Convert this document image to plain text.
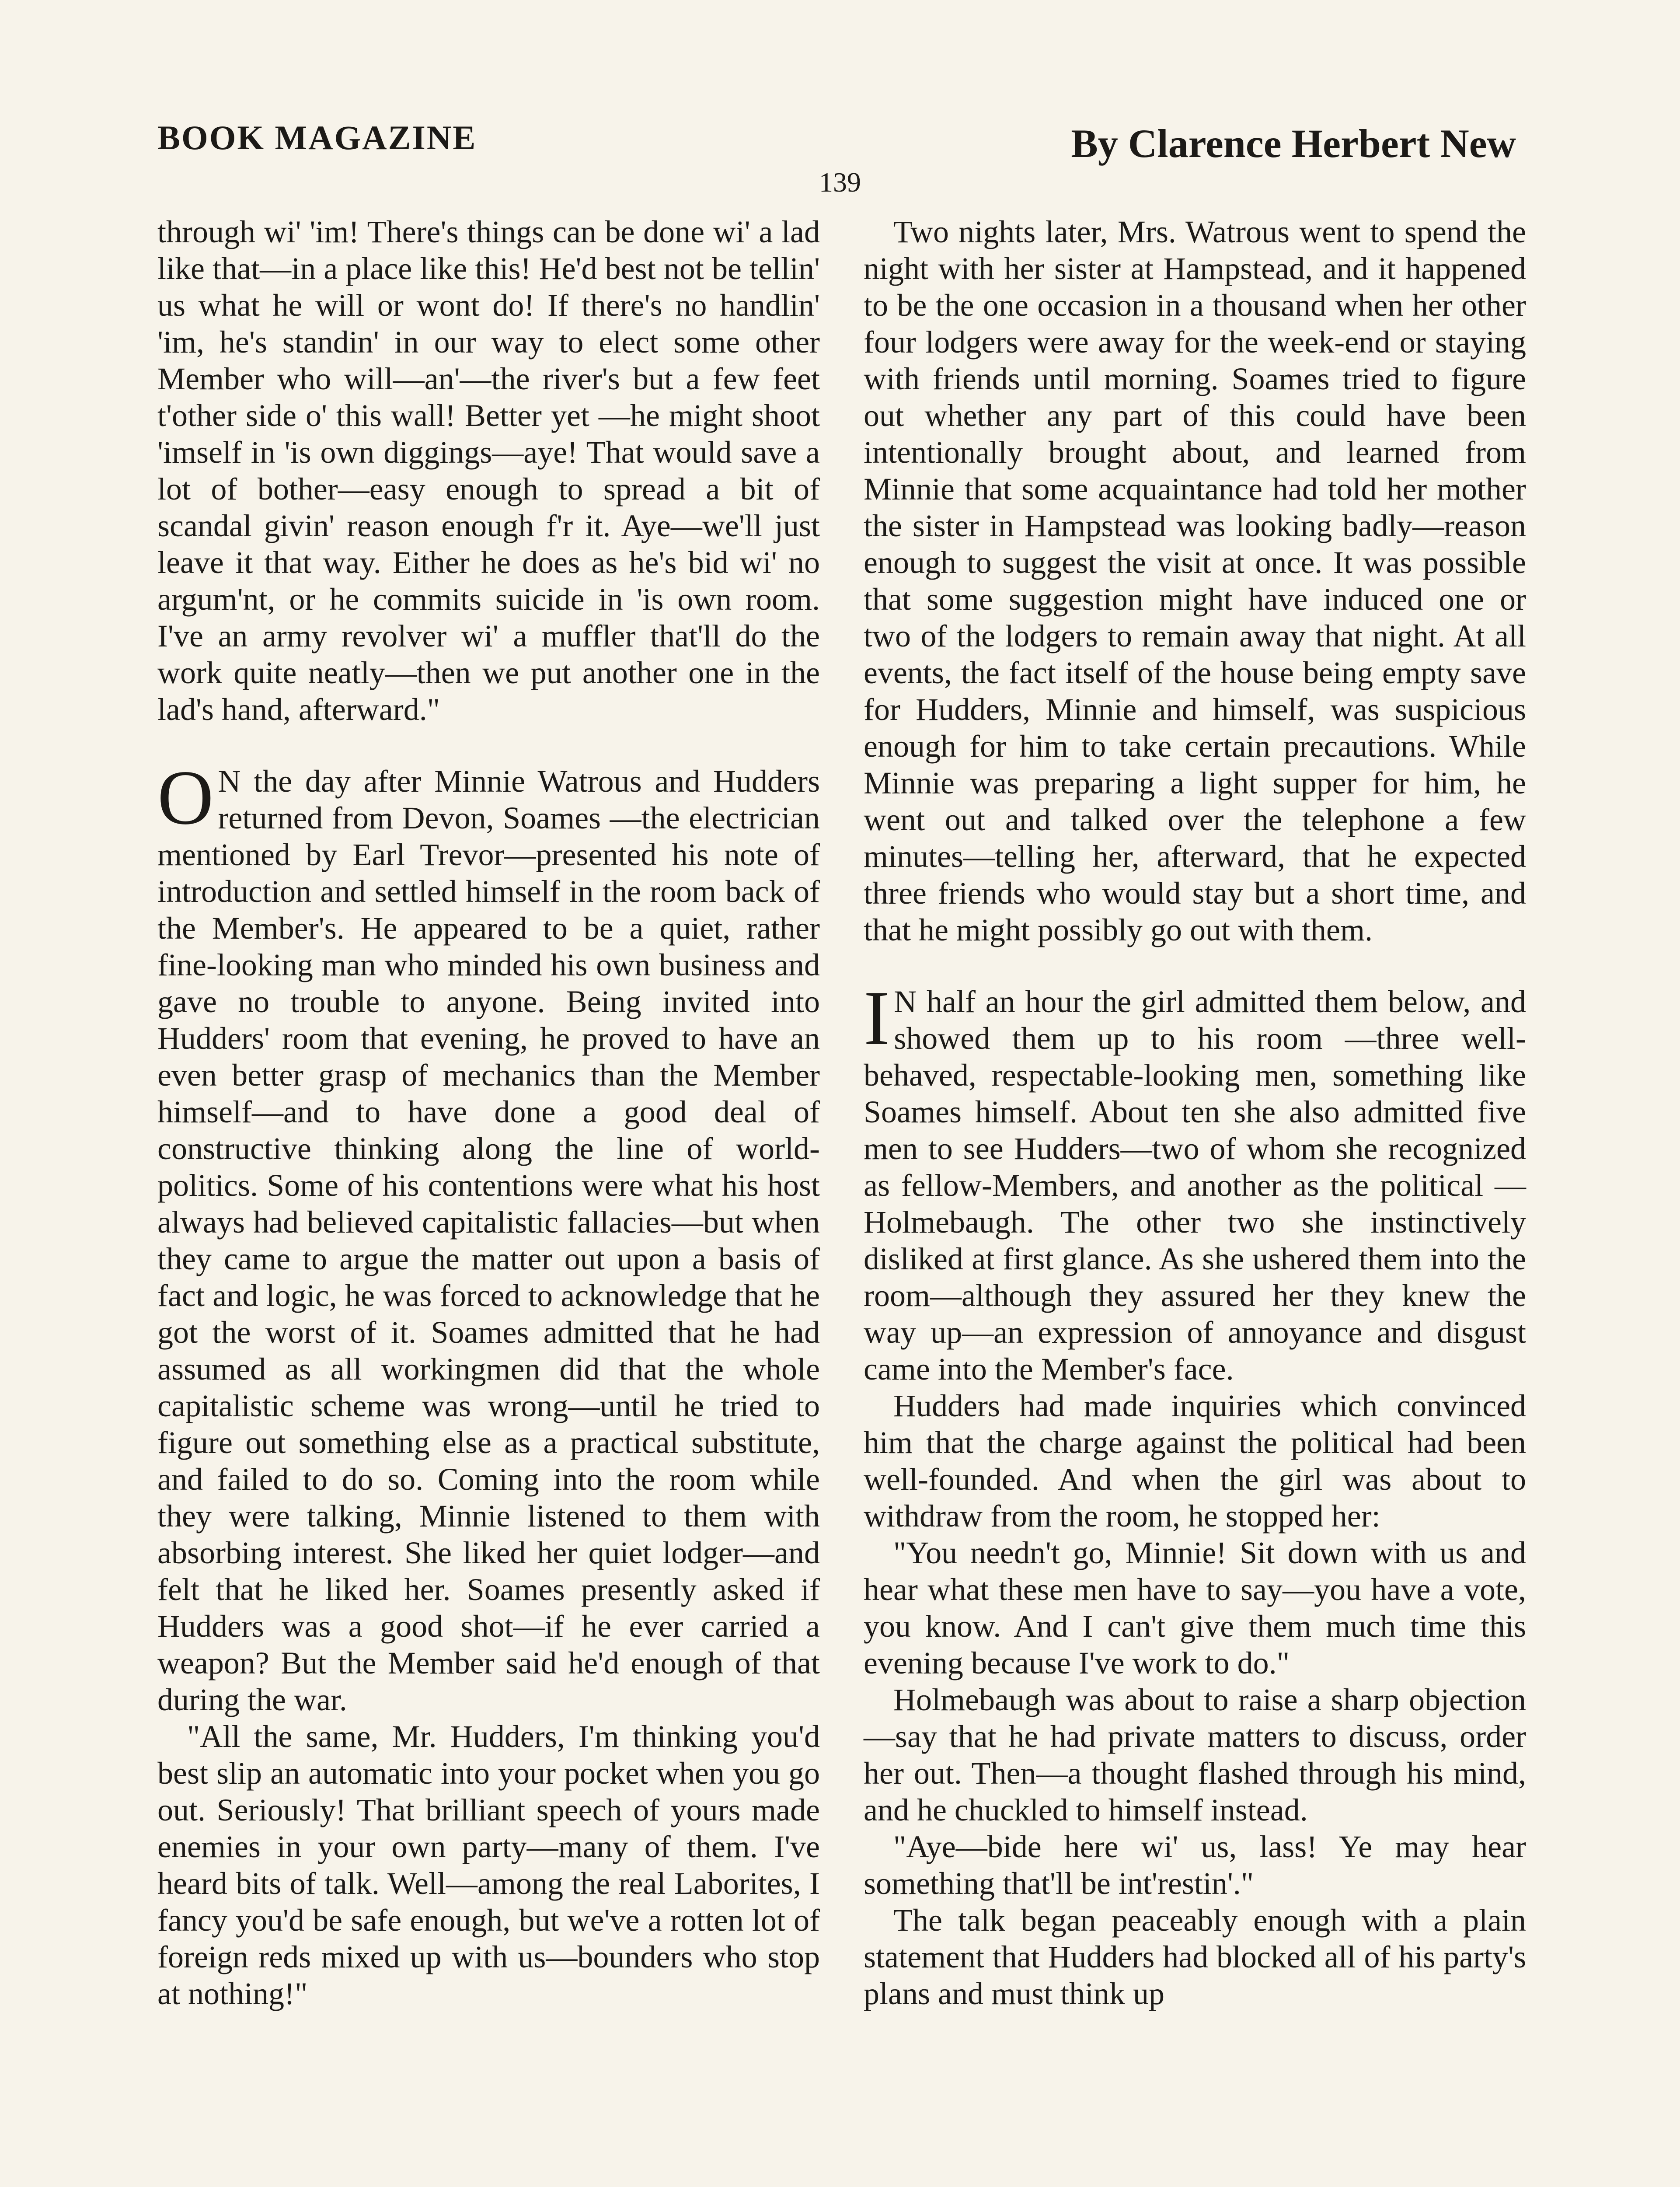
BOOK MAGAZINE	By Clarence Herbert New
139

through wi' 'im! There's things can be done wi' a lad like that—in a place like this! He'd best not be tellin' us what he will or wont do! If there's no handlin' 'im, he's standin' in our way to elect some other Member who will—an'—the river's but a few feet t'other side o' this wall! Better yet —he might shoot 'imself in 'is own diggings—aye! That would save a lot of bother—easy enough to spread a bit of scandal givin' reason enough f'r it. Aye—we'll just leave it that way. Either he does as he's bid wi' no argum'nt, or he commits suicide in 'is own room. I've an army revolver wi' a muffler that'll do the work quite neatly—then we put another one in the lad's hand, afterward."

O N the day after Minnie Watrous and Hudders returned from Devon, Soames —the electrician mentioned by Earl Trevor—presented his note of introduction and settled himself in the room back of the Member's. He appeared to be a quiet, rather fine-looking man who minded his own business and gave no trouble to anyone. Being invited into Hudders' room that evening, he proved to have an even better grasp of mechanics than the Member himself—and to have done a good deal of constructive thinking along the line of world-politics. Some of his contentions were what his host always had believed capitalistic fallacies—but when they came to argue the matter out upon a basis of fact and logic, he was forced to acknowledge that he got the worst of it. Soames admitted that he had assumed as all workingmen did that the whole capitalistic scheme was wrong—until he tried to figure out something else as a practical substitute, and failed to do so. Coming into the room while they were talking, Minnie listened to them with absorbing interest. She liked her quiet lodger—and felt that he liked her. Soames presently asked if Hudders was a good shot—if he ever carried a weapon? But the Member said he'd enough of that during the war.

"All the same, Mr. Hudders, I'm thinking you'd best slip an automatic into your pocket when you go out. Seriously! That brilliant speech of yours made enemies in your own party—many of them. I've heard bits of talk. Well—among the real Laborites, I fancy you'd be safe enough, but we've a rotten lot of foreign reds mixed up with us—bounders who stop at nothing!"

Two nights later, Mrs. Watrous went to spend the night with her sister at Hampstead, and it happened to be the one occasion in a thousand when her other four lodgers were away for the week-end or staying with friends until morning. Soames tried to figure out whether any part of this could have been intentionally brought about, and learned from Minnie that some acquaintance had told her mother the sister in Hampstead was looking badly—reason enough to suggest the visit at once. It was possible that some suggestion might have induced one or two of the lodgers to remain away that night. At all events, the fact itself of the house being empty save for Hudders, Minnie and himself, was suspicious enough for him to take certain precautions. While Minnie was preparing a light supper for him, he went out and talked over the telephone a few minutes—telling her, afterward, that he expected three friends who would stay but a short time, and that he might possibly go out with them.

I N half an hour the girl admitted them below, and showed them up to his room —three well-behaved, respectable-looking men, something like Soames himself. About ten she also admitted five men to see Hudders—two of whom she recognized as fellow-Members, and another as the political —Holmebaugh. The other two she instinctively disliked at first glance. As she ushered them into the room—although they assured her they knew the way up—an expression of annoyance and disgust came into the Member's face.

Hudders had made inquiries which convinced him that the charge against the political had been well-founded. And when the girl was about to withdraw from the room, he stopped her:

"You needn't go, Minnie! Sit down with us and hear what these men have to say—you have a vote, you know. And I can't give them much time this evening because I've work to do."

Holmebaugh was about to raise a sharp objection—say that he had private matters to discuss, order her out. Then—a thought flashed through his mind, and he chuckled to himself instead.

"Aye—bide here wi' us, lass! Ye may hear something that'll be int'restin'."

The talk began peaceably enough with a plain statement that Hudders had blocked all of his party's plans and must think up
